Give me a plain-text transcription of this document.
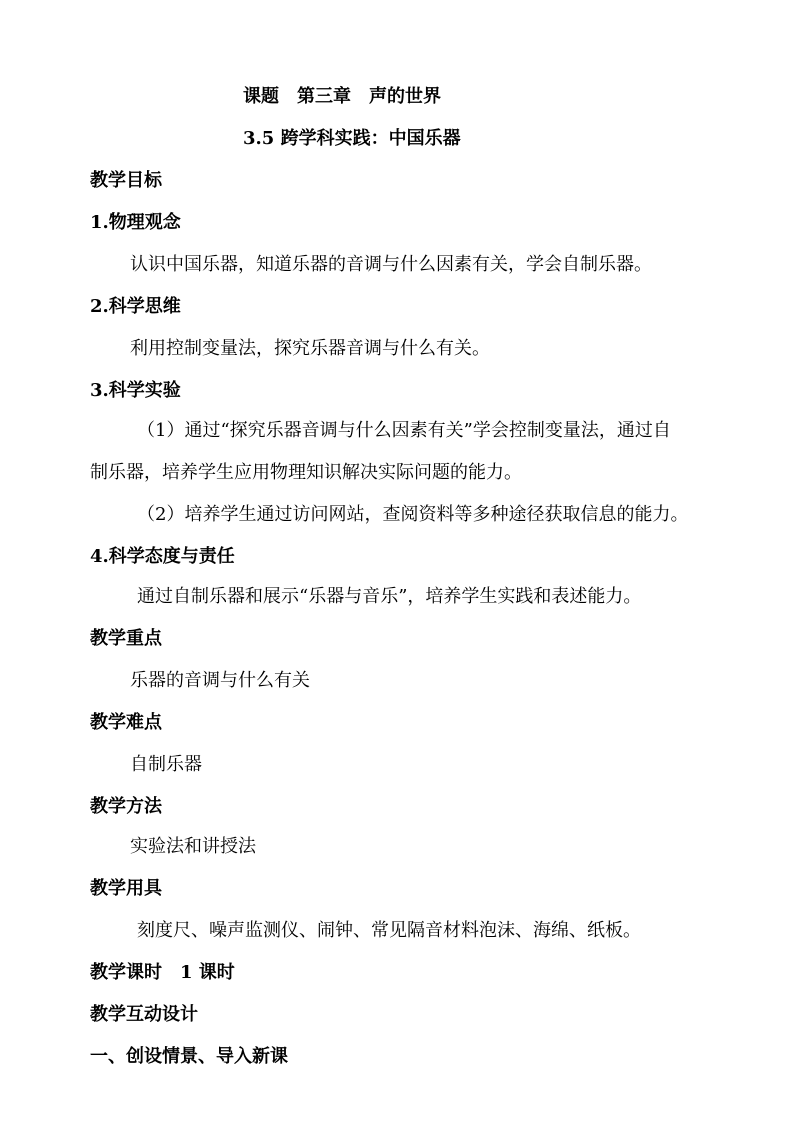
课题 第三章 声的世界
3.5 跨学科实践：中国乐器
教学目标
1.物理观念
认识中国乐器，知道乐器的音调与什么因素有关，学会自制乐器。
2.科学思维
利用控制变量法，探究乐器音调与什么有关。
3.科学实验
（1）通过“探究乐器音调与什么因素有关”学会控制变量法，通过自
制乐器，培养学生应用物理知识解决实际问题的能力。
（2）培养学生通过访问网站，查阅资料等多种途径获取信息的能力。
4.科学态度与责任
通过自制乐器和展示“乐器与音乐”，培养学生实践和表述能力。
教学重点
乐器的音调与什么有关
教学难点
自制乐器
教学方法
实验法和讲授法
教学用具
刻度尺、噪声监测仪、闹钟、常见隔音材料泡沫、海绵、纸板。
教学课时 1 课时
教学互动设计
一、创设情景、导入新课
